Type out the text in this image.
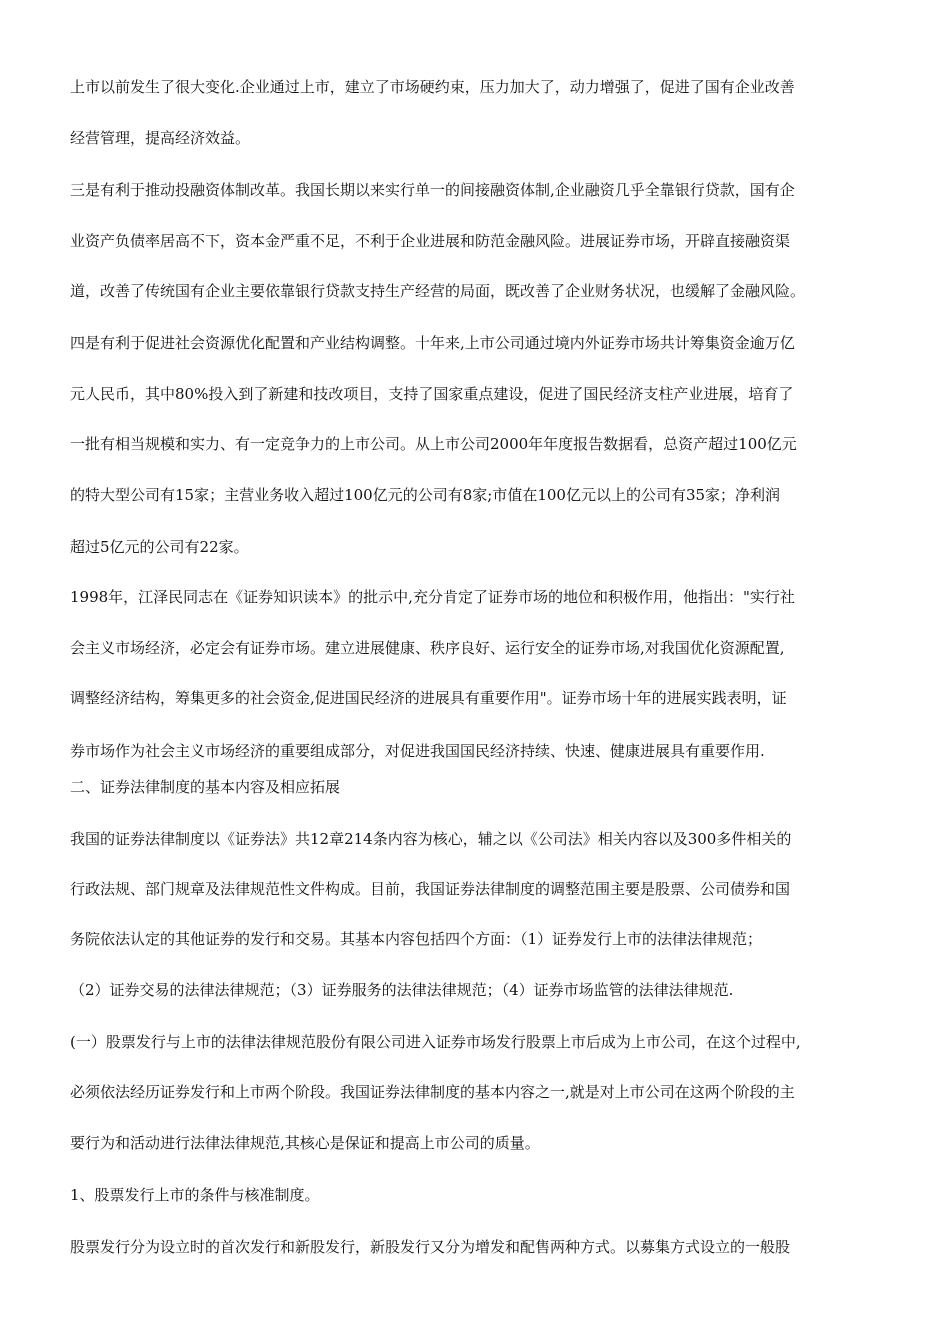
上市以前发生了很大变化.企业通过上市，建立了市场硬约束，压力加大了，动力增强了，促进了国有企业改善
经营管理，提高经济效益。
三是有利于推动投融资体制改革。我国长期以来实行单一的间接融资体制,企业融资几乎全靠银行贷款，国有企
业资产负债率居高不下，资本金严重不足，不利于企业进展和防范金融风险。进展证券市场，开辟直接融资渠
道，改善了传统国有企业主要依靠银行贷款支持生产经营的局面，既改善了企业财务状况，也缓解了金融风险。
四是有利于促进社会资源优化配置和产业结构调整。十年来,上市公司通过境内外证券市场共计筹集资金逾万亿
元人民币，其中80%投入到了新建和技改项目，支持了国家重点建设，促进了国民经济支柱产业进展，培育了
一批有相当规模和实力、有一定竞争力的上市公司。从上市公司2000年年度报告数据看，总资产超过100亿元
的特大型公司有15家；主营业务收入超过100亿元的公司有8家;市值在100亿元以上的公司有35家；净利润
超过5亿元的公司有22家。
1998年，江泽民同志在《证券知识读本》的批示中,充分肯定了证券市场的地位和积极作用，他指出："实行社
会主义市场经济，必定会有证券市场。建立进展健康、秩序良好、运行安全的证券市场,对我国优化资源配置,
调整经济结构，筹集更多的社会资金,促进国民经济的进展具有重要作用"。证券市场十年的进展实践表明，证
券市场作为社会主义市场经济的重要组成部分，对促进我国国民经济持续、快速、健康进展具有重要作用.
二、证券法律制度的基本内容及相应拓展
我国的证券法律制度以《证券法》共12章214条内容为核心，辅之以《公司法》相关内容以及300多件相关的
行政法规、部门规章及法律规范性文件构成。目前，我国证券法律制度的调整范围主要是股票、公司债券和国
务院依法认定的其他证券的发行和交易。其基本内容包括四个方面：（1）证券发行上市的法律法律规范；
（2）证券交易的法律法律规范；（3）证券服务的法律法律规范；（4）证券市场监管的法律法律规范.
(一）股票发行与上市的法律法律规范股份有限公司进入证券市场发行股票上市后成为上市公司，在这个过程中,
必须依法经历证券发行和上市两个阶段。我国证券法律制度的基本内容之一,就是对上市公司在这两个阶段的主
要行为和活动进行法律法律规范,其核心是保证和提高上市公司的质量。
1、股票发行上市的条件与核准制度。
股票发行分为设立时的首次发行和新股发行，新股发行又分为增发和配售两种方式。以募集方式设立的一般股
